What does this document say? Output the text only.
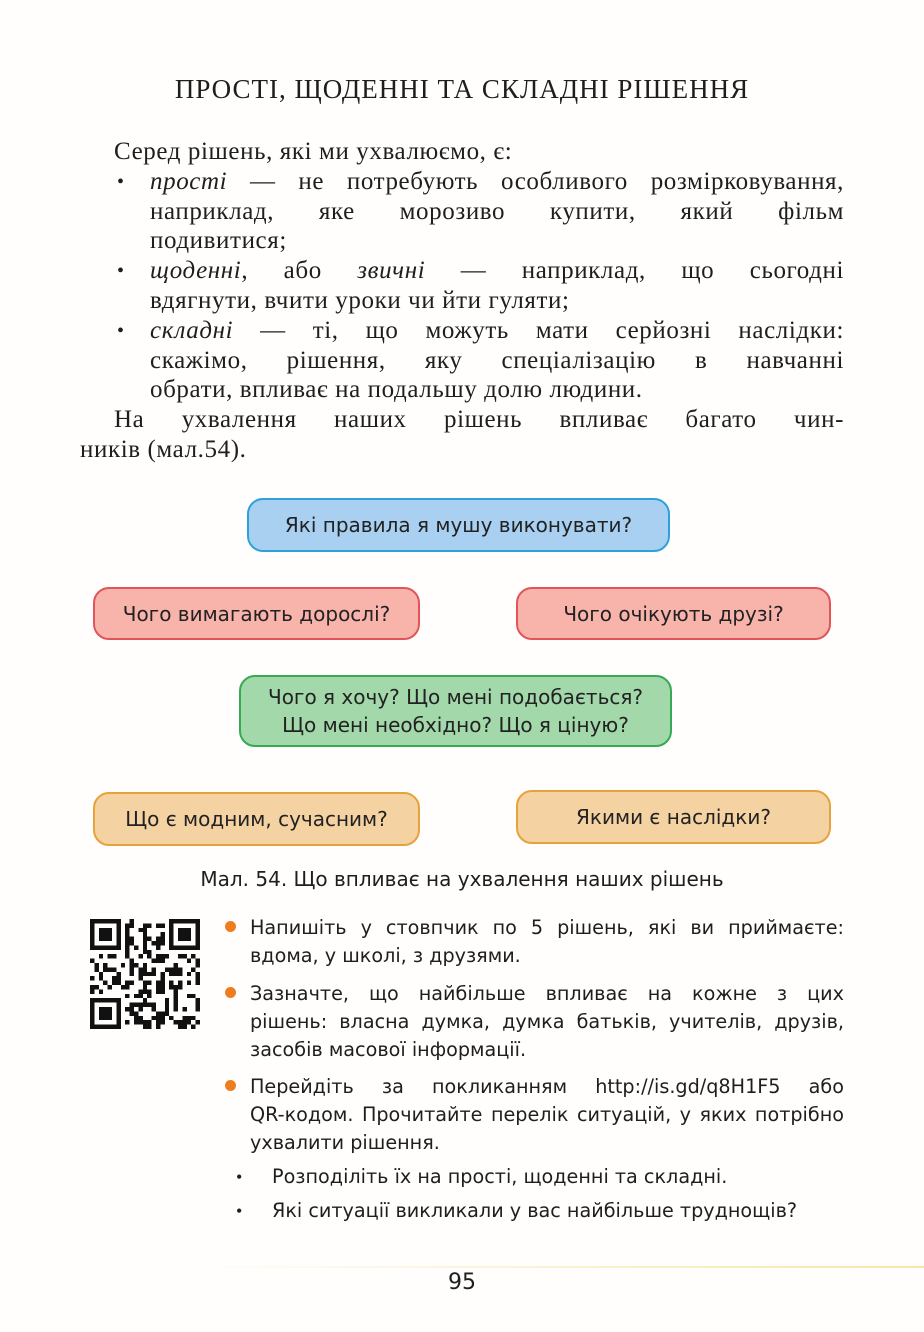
ПРОСТІ, ЩОДЕННІ ТА СКЛАДНІ РІШЕННЯ
Серед рішень, які ми ухвалюємо, є:
• прості — не потребують особливого розмірковування,
наприклад, яке морозиво купити, який фільм
подивитися;
• щоденні, або звичні — наприклад, що сьогодні
вдягнути, вчити уроки чи йти гуляти;
• складні — ті, що можуть мати серйозні наслідки:
скажімо, рішення, яку спеціалізацію в навчанні
обрати, впливає на подальшу долю людини.
На ухвалення наших рішень впливає багато чин-
ників (мал.54).
Які правила я мушу виконувати?
Чого вимагають дорослі?	Чого очікують друзі?
Чого я хочу? Що мені подобається?
Що мені необхідно? Що я ціную?
Що є модним, сучасним?	Якими є наслідки?
Мал. 54. Що впливає на ухвалення наших рішень
Напишіть у стовпчик по 5 рішень, які ви приймаєте:
вдома, у школі, з друзями.
Зазначте, що найбільше впливає на кожне з цих
рішень: власна думка, думка батьків, учителів, друзів,
засобів масової інформації.
Перейдіть за покликанням http://is.gd/q8H1F5 або
QR-кодом. Прочитайте перелік ситуацій, у яких потрібно
ухвалити рішення.
• Розподіліть їх на прості, щоденні та складні.
• Які ситуації викликали у вас найбільше труднощів?
95
